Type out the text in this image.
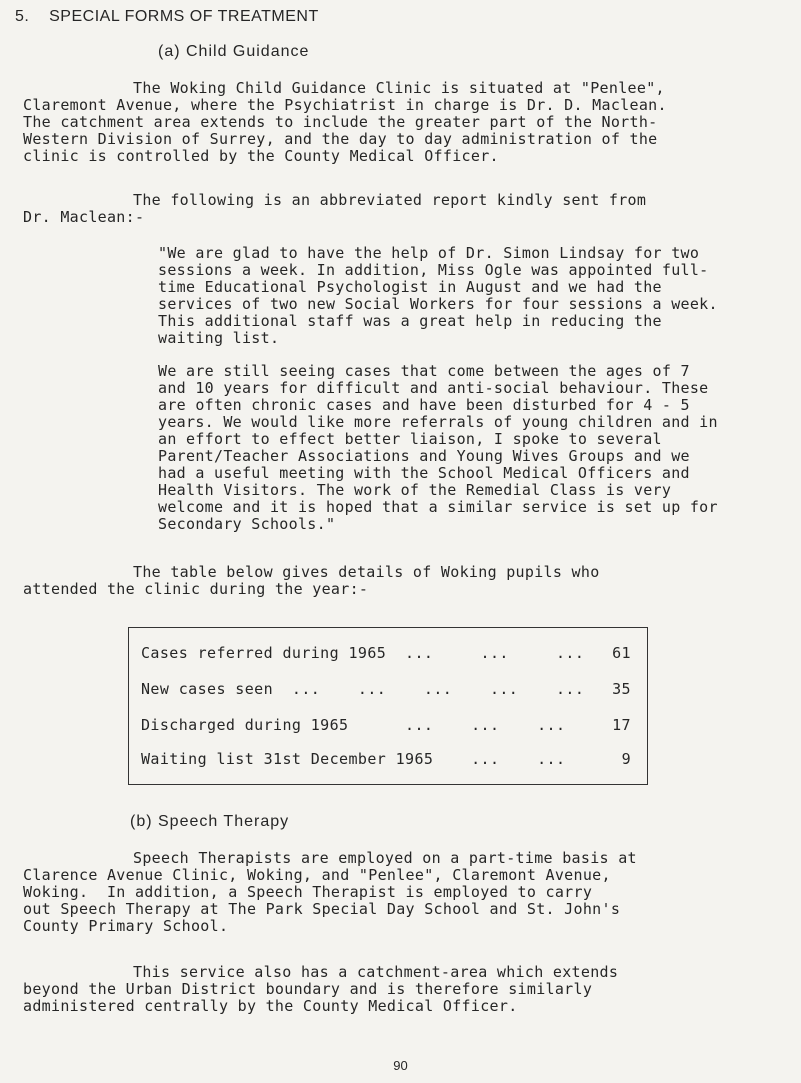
5. SPECIAL FORMS OF TREATMENT
(a) Child Guidance
The Woking Child Guidance Clinic is situated at "Penlee",
Claremont Avenue, where the Psychiatrist in charge is Dr. D. Maclean.
The catchment area extends to include the greater part of the North-
Western Division of Surrey, and the day to day administration of the
clinic is controlled by the County Medical Officer.
The following is an abbreviated report kindly sent from
Dr. Maclean:-

"We are glad to have the help of Dr. Simon Lindsay for two sessions a week. In addition, Miss Ogle was appointed full-time Educational Psychologist in August and we had the services of two new Social Workers for four sessions a week. This additional staff was a great help in reducing the waiting list.

We are still seeing cases that come between the ages of 7 and 10 years for difficult and anti-social behaviour. These are often chronic cases and have been disturbed for 4 - 5 years. We would like more referrals of young children and in an effort to effect better liaison, I spoke to several Parent/Teacher Associations and Young Wives Groups and we had a useful meeting with the School Medical Officers and Health Visitors. The work of the Remedial Class is very welcome and it is hoped that a similar service is set up for Secondary Schools."

The table below gives details of Woking pupils who
attended the clinic during the year:-
Cases referred during 1965  ...     ...     ... 61
New cases seen  ...    ...    ...    ...    ... 35
Discharged during 1965      ...    ...    ...	17
Waiting list 31st December 1965    ...    ...	9
(b) Speech Therapy
Speech Therapists are employed on a part-time basis at
Clarence Avenue Clinic, Woking, and "Penlee", Claremont Avenue,
Woking.  In addition, a Speech Therapist is employed to carry
out Speech Therapy at The Park Special Day School and St. John's
County Primary School.
This service also has a catchment-area which extends
beyond the Urban District boundary and is therefore similarly
administered centrally by the County Medical Officer.
90
